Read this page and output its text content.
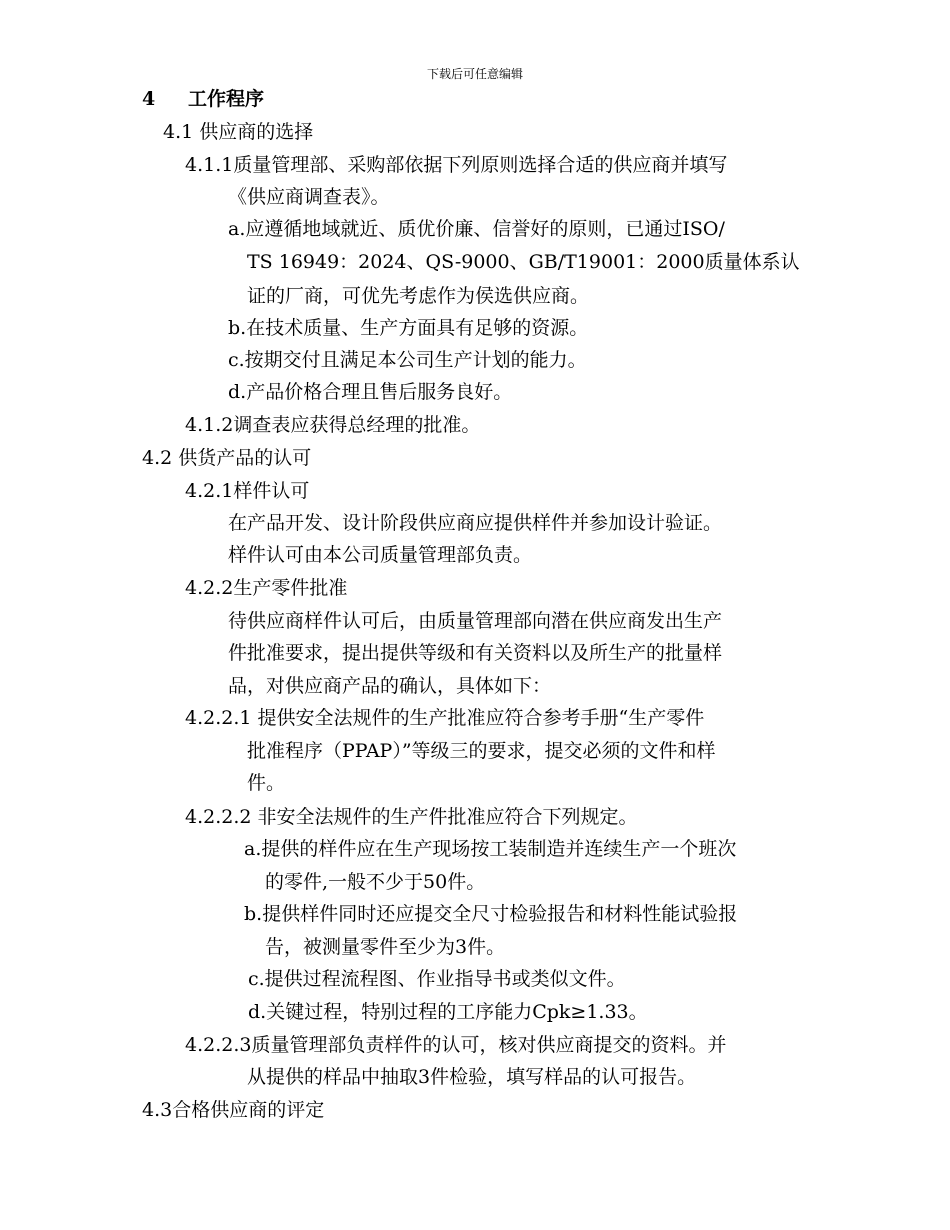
下载后可任意编辑
4 工作程序
4.1 供应商的选择
4.1.1质量管理部、采购部依据下列原则选择合适的供应商并填写
《供应商调查表》。
a.应遵循地域就近、质优价廉、信誉好的原则，已通过ISO/
TS 16949：2024、QS-9000、GB/T19001：2000质量体系认
证的厂商，可优先考虑作为侯选供应商。
b.在技术质量、生产方面具有足够的资源。
c.按期交付且满足本公司生产计划的能力。
d.产品价格合理且售后服务良好。
4.1.2调查表应获得总经理的批准。
4.2 供货产品的认可
4.2.1样件认可
在产品开发、设计阶段供应商应提供样件并参加设计验证。
样件认可由本公司质量管理部负责。
4.2.2生产零件批准
待供应商样件认可后，由质量管理部向潜在供应商发出生产
件批准要求，提出提供等级和有关资料以及所生产的批量样
品，对供应商产品的确认，具体如下：
4.2.2.1 提供安全法规件的生产批准应符合参考手册“生产零件
批准程序（PPAP）”等级三的要求，提交必须的文件和样
件。
4.2.2.2 非安全法规件的生产件批准应符合下列规定。
a.提供的样件应在生产现场按工装制造并连续生产一个班次
的零件,一般不少于50件。
b.提供样件同时还应提交全尺寸检验报告和材料性能试验报
告，被测量零件至少为3件。
c.提供过程流程图、作业指导书或类似文件。
d.关键过程，特别过程的工序能力Cpk≥1.33。
4.2.2.3质量管理部负责样件的认可，核对供应商提交的资料。并
从提供的样品中抽取3件检验，填写样品的认可报告。
4.3合格供应商的评定
